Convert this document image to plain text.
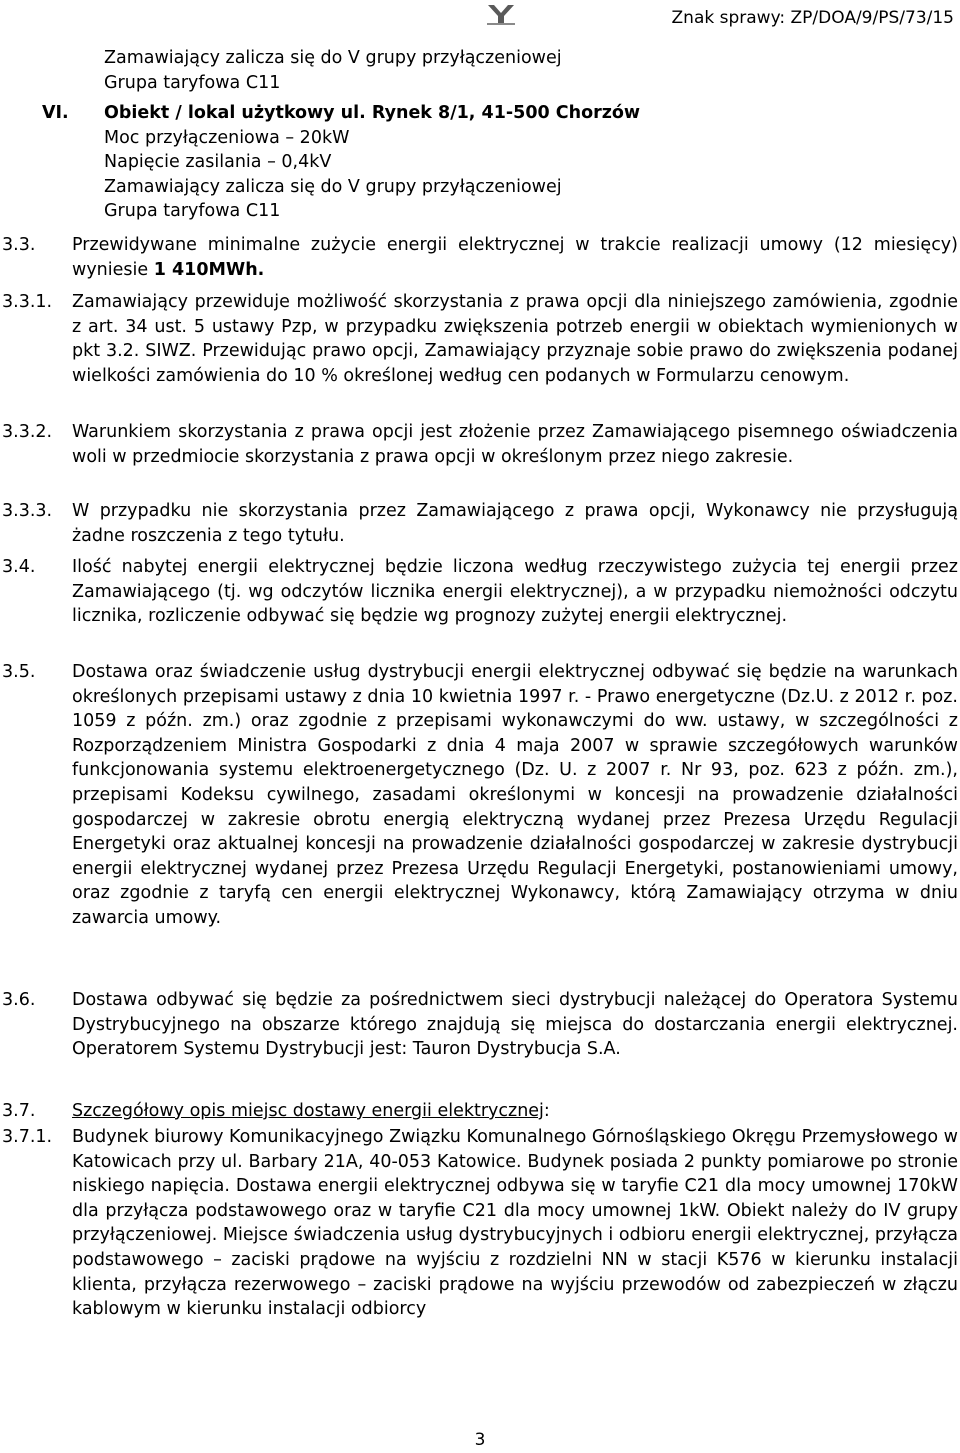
Znak sprawy: ZP/DOA/9/PS/73/15
Zamawiający zalicza się do V grupy przyłączeniowej
Grupa taryfowa C11
VI.	Obiekt / lokal użytkowy ul. Rynek 8/1, 41-500 Chorzów
Moc przyłączeniowa – 20kW
Napięcie zasilania – 0,4kV
Zamawiający zalicza się do V grupy przyłączeniowej
Grupa taryfowa C11
3.3.	Przewidywane minimalne zużycie energii elektrycznej w trakcie realizacji umowy (12 miesięcy) wyniesie 1 410MWh.
3.3.1.	Zamawiający przewiduje możliwość skorzystania z prawa opcji dla niniejszego zamówienia, zgodnie z art. 34 ust. 5 ustawy Pzp, w przypadku zwiększenia potrzeb energii w obiektach wymienionych w pkt 3.2. SIWZ. Przewidując prawo opcji, Zamawiający przyznaje sobie prawo do zwiększenia podanej wielkości zamówienia do 10 % określonej według cen podanych w Formularzu cenowym.
3.3.2.	Warunkiem skorzystania z prawa opcji jest złożenie przez Zamawiającego pisemnego oświadczenia woli w przedmiocie skorzystania z prawa opcji w określonym przez niego zakresie.
3.3.3.	W przypadku nie skorzystania przez Zamawiającego z prawa opcji, Wykonawcy nie przysługują żadne roszczenia z tego tytułu.
3.4.	Ilość nabytej energii elektrycznej będzie liczona według rzeczywistego zużycia tej energii przez Zamawiającego (tj. wg odczytów licznika energii elektrycznej), a w przypadku niemożności odczytu licznika, rozliczenie odbywać się będzie wg prognozy zużytej energii elektrycznej.
3.5.	Dostawa oraz świadczenie usług dystrybucji energii elektrycznej odbywać się będzie na warunkach określonych przepisami ustawy z dnia 10 kwietnia 1997 r. - Prawo energetyczne (Dz.U. z 2012 r. poz. 1059 z późn. zm.) oraz zgodnie z przepisami wykonawczymi do ww. ustawy, w szczególności z Rozporządzeniem Ministra Gospodarki z dnia 4 maja 2007 w sprawie szczegółowych warunków funkcjonowania systemu elektroenergetycznego (Dz. U. z 2007 r. Nr 93, poz. 623 z późn. zm.), przepisami Kodeksu cywilnego, zasadami określonymi w koncesji na prowadzenie działalności gospodarczej w zakresie obrotu energią elektryczną wydanej przez Prezesa Urzędu Regulacji Energetyki oraz aktualnej koncesji na prowadzenie działalności gospodarczej w zakresie dystrybucji energii elektrycznej wydanej przez Prezesa Urzędu Regulacji Energetyki, postanowieniami umowy, oraz zgodnie z taryfą cen energii elektrycznej Wykonawcy, którą Zamawiający otrzyma w dniu zawarcia umowy.
3.6.	Dostawa odbywać się będzie za pośrednictwem sieci dystrybucji należącej do Operatora Systemu Dystrybucyjnego na obszarze którego znajdują się miejsca do dostarczania energii elektrycznej. Operatorem Systemu Dystrybucji jest: Tauron Dystrybucja S.A.
3.7.	Szczegółowy opis miejsc dostawy energii elektrycznej:
3.7.1.	Budynek biurowy Komunikacyjnego Związku Komunalnego Górnośląskiego Okręgu Przemysłowego w Katowicach przy ul. Barbary 21A, 40-053 Katowice. Budynek posiada 2 punkty pomiarowe po stronie niskiego napięcia. Dostawa energii elektrycznej odbywa się w taryfie C21 dla mocy umownej 170kW dla przyłącza podstawowego oraz w taryfie C21 dla mocy umownej 1kW. Obiekt należy do IV grupy przyłączeniowej. Miejsce świadczenia usług dystrybucyjnych i odbioru energii elektrycznej, przyłącza podstawowego – zaciski prądowe na wyjściu z rozdzielni NN w stacji K576 w kierunku instalacji klienta, przyłącza rezerwowego – zaciski prądowe na wyjściu przewodów od zabezpieczeń w złączu kablowym w kierunku instalacji odbiorcy
3
